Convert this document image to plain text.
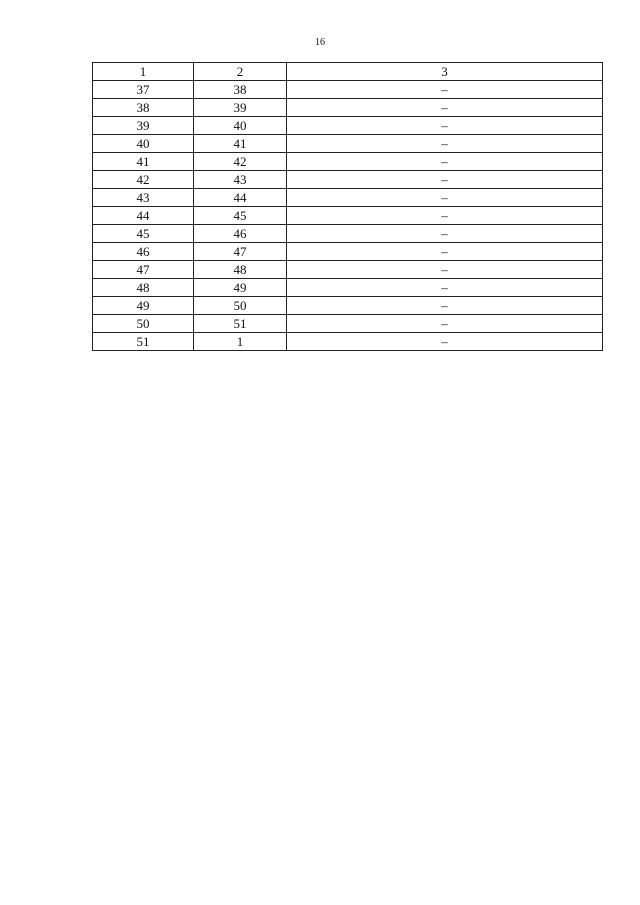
16
1	2	3
37	38	–
38	39	–
39	40	–
40	41	–
41	42	–
42	43	–
43	44	–
44	45	–
45	46	–
46	47	–
47	48	–
48	49	–
49	50	–
50	51	–
51	1	–
